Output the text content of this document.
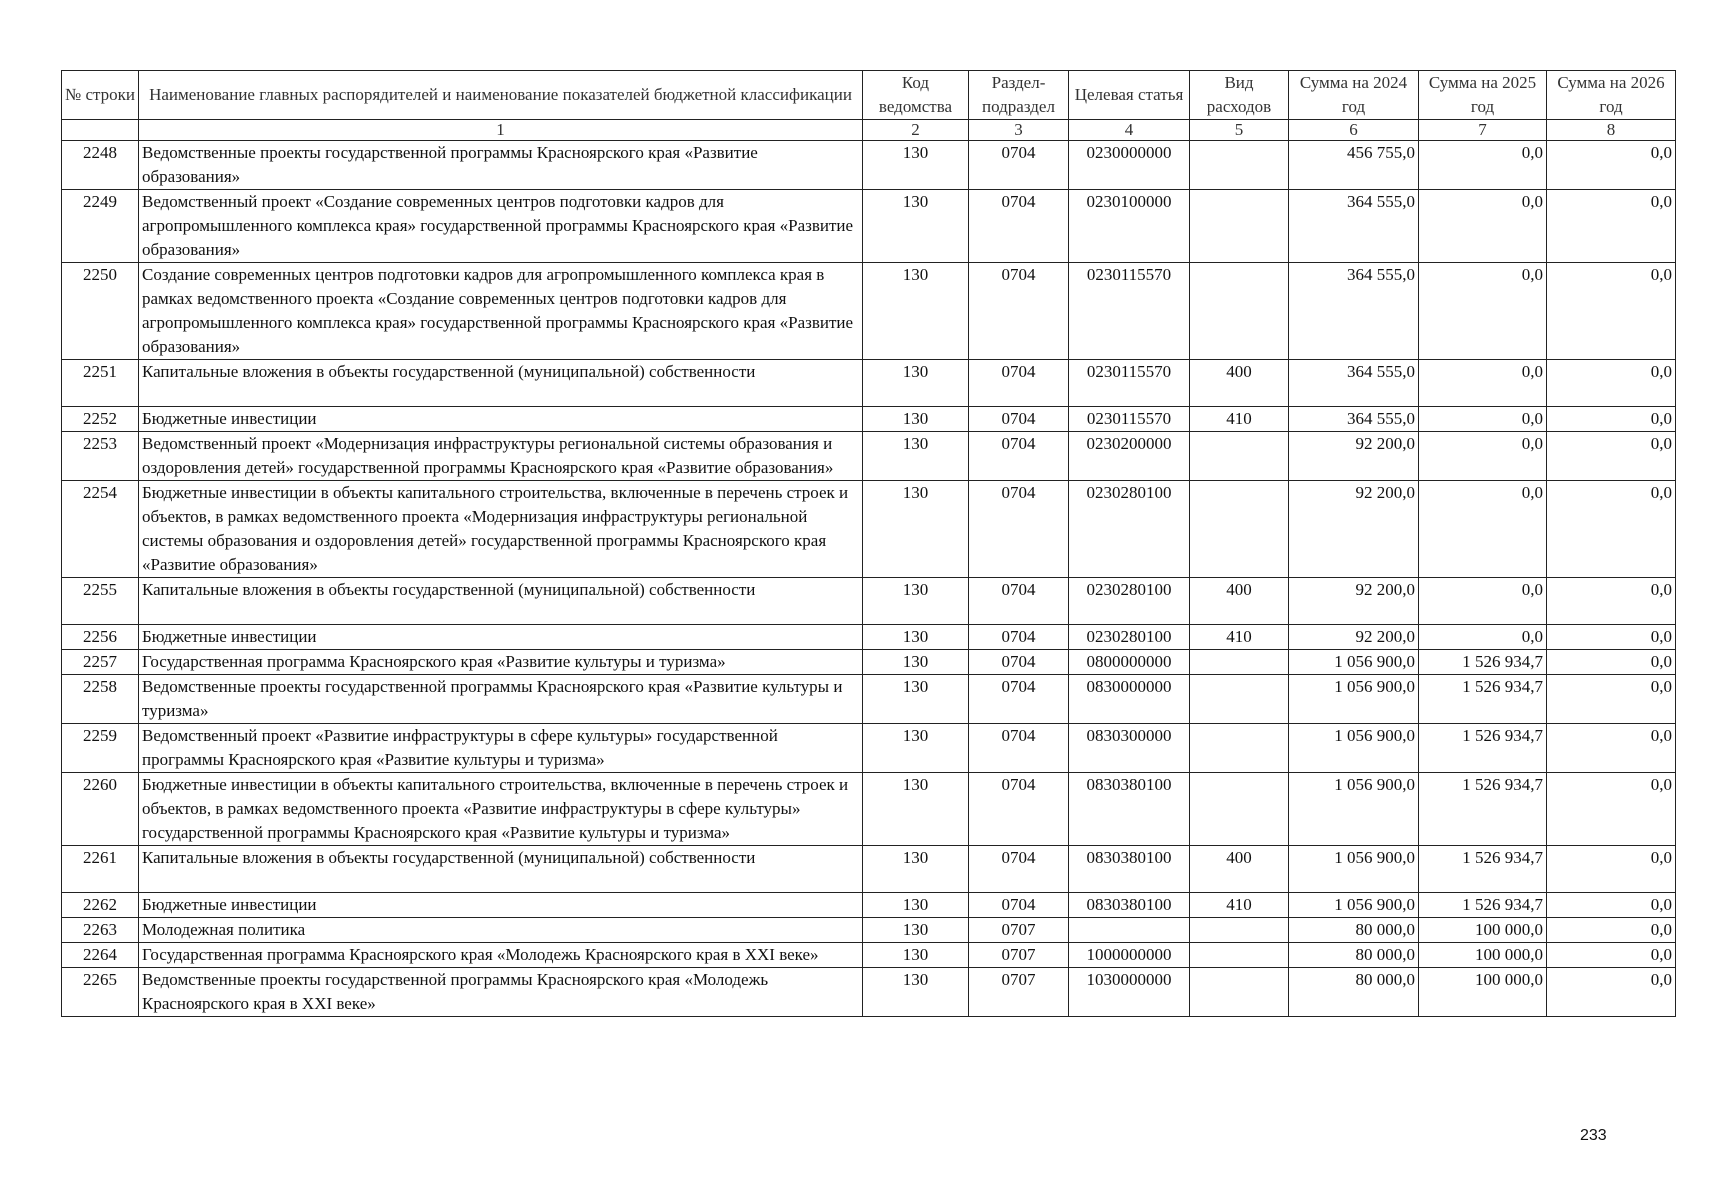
№ строки	Наименование главных распорядителей и наименование показателей бюджетной классификации	Код ведомства	Раздел-подраздел	Целевая статья	Вид расходов	Сумма на 2024 год	Сумма на 2025 год	Сумма на 2026 год
	1	2	3	4	5	6	7	8
2248	Ведомственные проекты государственной программы Красноярского края «Развитие образования»	130	0704	0230000000		456 755,0	0,0	0,0
2249	Ведомственный проект «Создание современных центров подготовки кадров для агропромышленного комплекса края» государственной программы Красноярского края «Развитие образования»	130	0704	0230100000		364 555,0	0,0	0,0
2250	Создание современных центров подготовки кадров для агропромышленного комплекса края в рамках ведомственного проекта «Создание современных центров подготовки кадров для агропромышленного комплекса края» государственной программы Красноярского края «Развитие образования»	130	0704	0230115570		364 555,0	0,0	0,0
2251	Капитальные вложения в объекты государственной (муниципальной) собственности	130	0704	0230115570	400	364 555,0	0,0	0,0
2252	Бюджетные инвестиции	130	0704	0230115570	410	364 555,0	0,0	0,0
2253	Ведомственный проект «Модернизация инфраструктуры региональной системы образования и оздоровления детей» государственной программы Красноярского края «Развитие образования»	130	0704	0230200000		92 200,0	0,0	0,0
2254	Бюджетные инвестиции в объекты капитального строительства, включенные в перечень строек и объектов, в рамках ведомственного проекта «Модернизация инфраструктуры региональной системы образования и оздоровления детей» государственной программы Красноярского края «Развитие образования»	130	0704	0230280100		92 200,0	0,0	0,0
2255	Капитальные вложения в объекты государственной (муниципальной) собственности	130	0704	0230280100	400	92 200,0	0,0	0,0
2256	Бюджетные инвестиции	130	0704	0230280100	410	92 200,0	0,0	0,0
2257	Государственная программа Красноярского края «Развитие культуры и туризма»	130	0704	0800000000		1 056 900,0	1 526 934,7	0,0
2258	Ведомственные проекты государственной программы Красноярского края «Развитие культуры и туризма»	130	0704	0830000000		1 056 900,0	1 526 934,7	0,0
2259	Ведомственный проект «Развитие инфраструктуры в сфере культуры» государственной программы Красноярского края «Развитие культуры и туризма»	130	0704	0830300000		1 056 900,0	1 526 934,7	0,0
2260	Бюджетные инвестиции в объекты капитального строительства, включенные в перечень строек и объектов, в рамках ведомственного проекта «Развитие инфраструктуры в сфере культуры» государственной программы Красноярского края «Развитие культуры и туризма»	130	0704	0830380100		1 056 900,0	1 526 934,7	0,0
2261	Капитальные вложения в объекты государственной (муниципальной) собственности	130	0704	0830380100	400	1 056 900,0	1 526 934,7	0,0
2262	Бюджетные инвестиции	130	0704	0830380100	410	1 056 900,0	1 526 934,7	0,0
2263	Молодежная политика	130	0707			80 000,0	100 000,0	0,0
2264	Государственная программа Красноярского края «Молодежь Красноярского края в XXI веке»	130	0707	1000000000		80 000,0	100 000,0	0,0
2265	Ведомственные проекты государственной программы Красноярского края «Молодежь Красноярского края в XXI веке»	130	0707	1030000000		80 000,0	100 000,0	0,0
233
